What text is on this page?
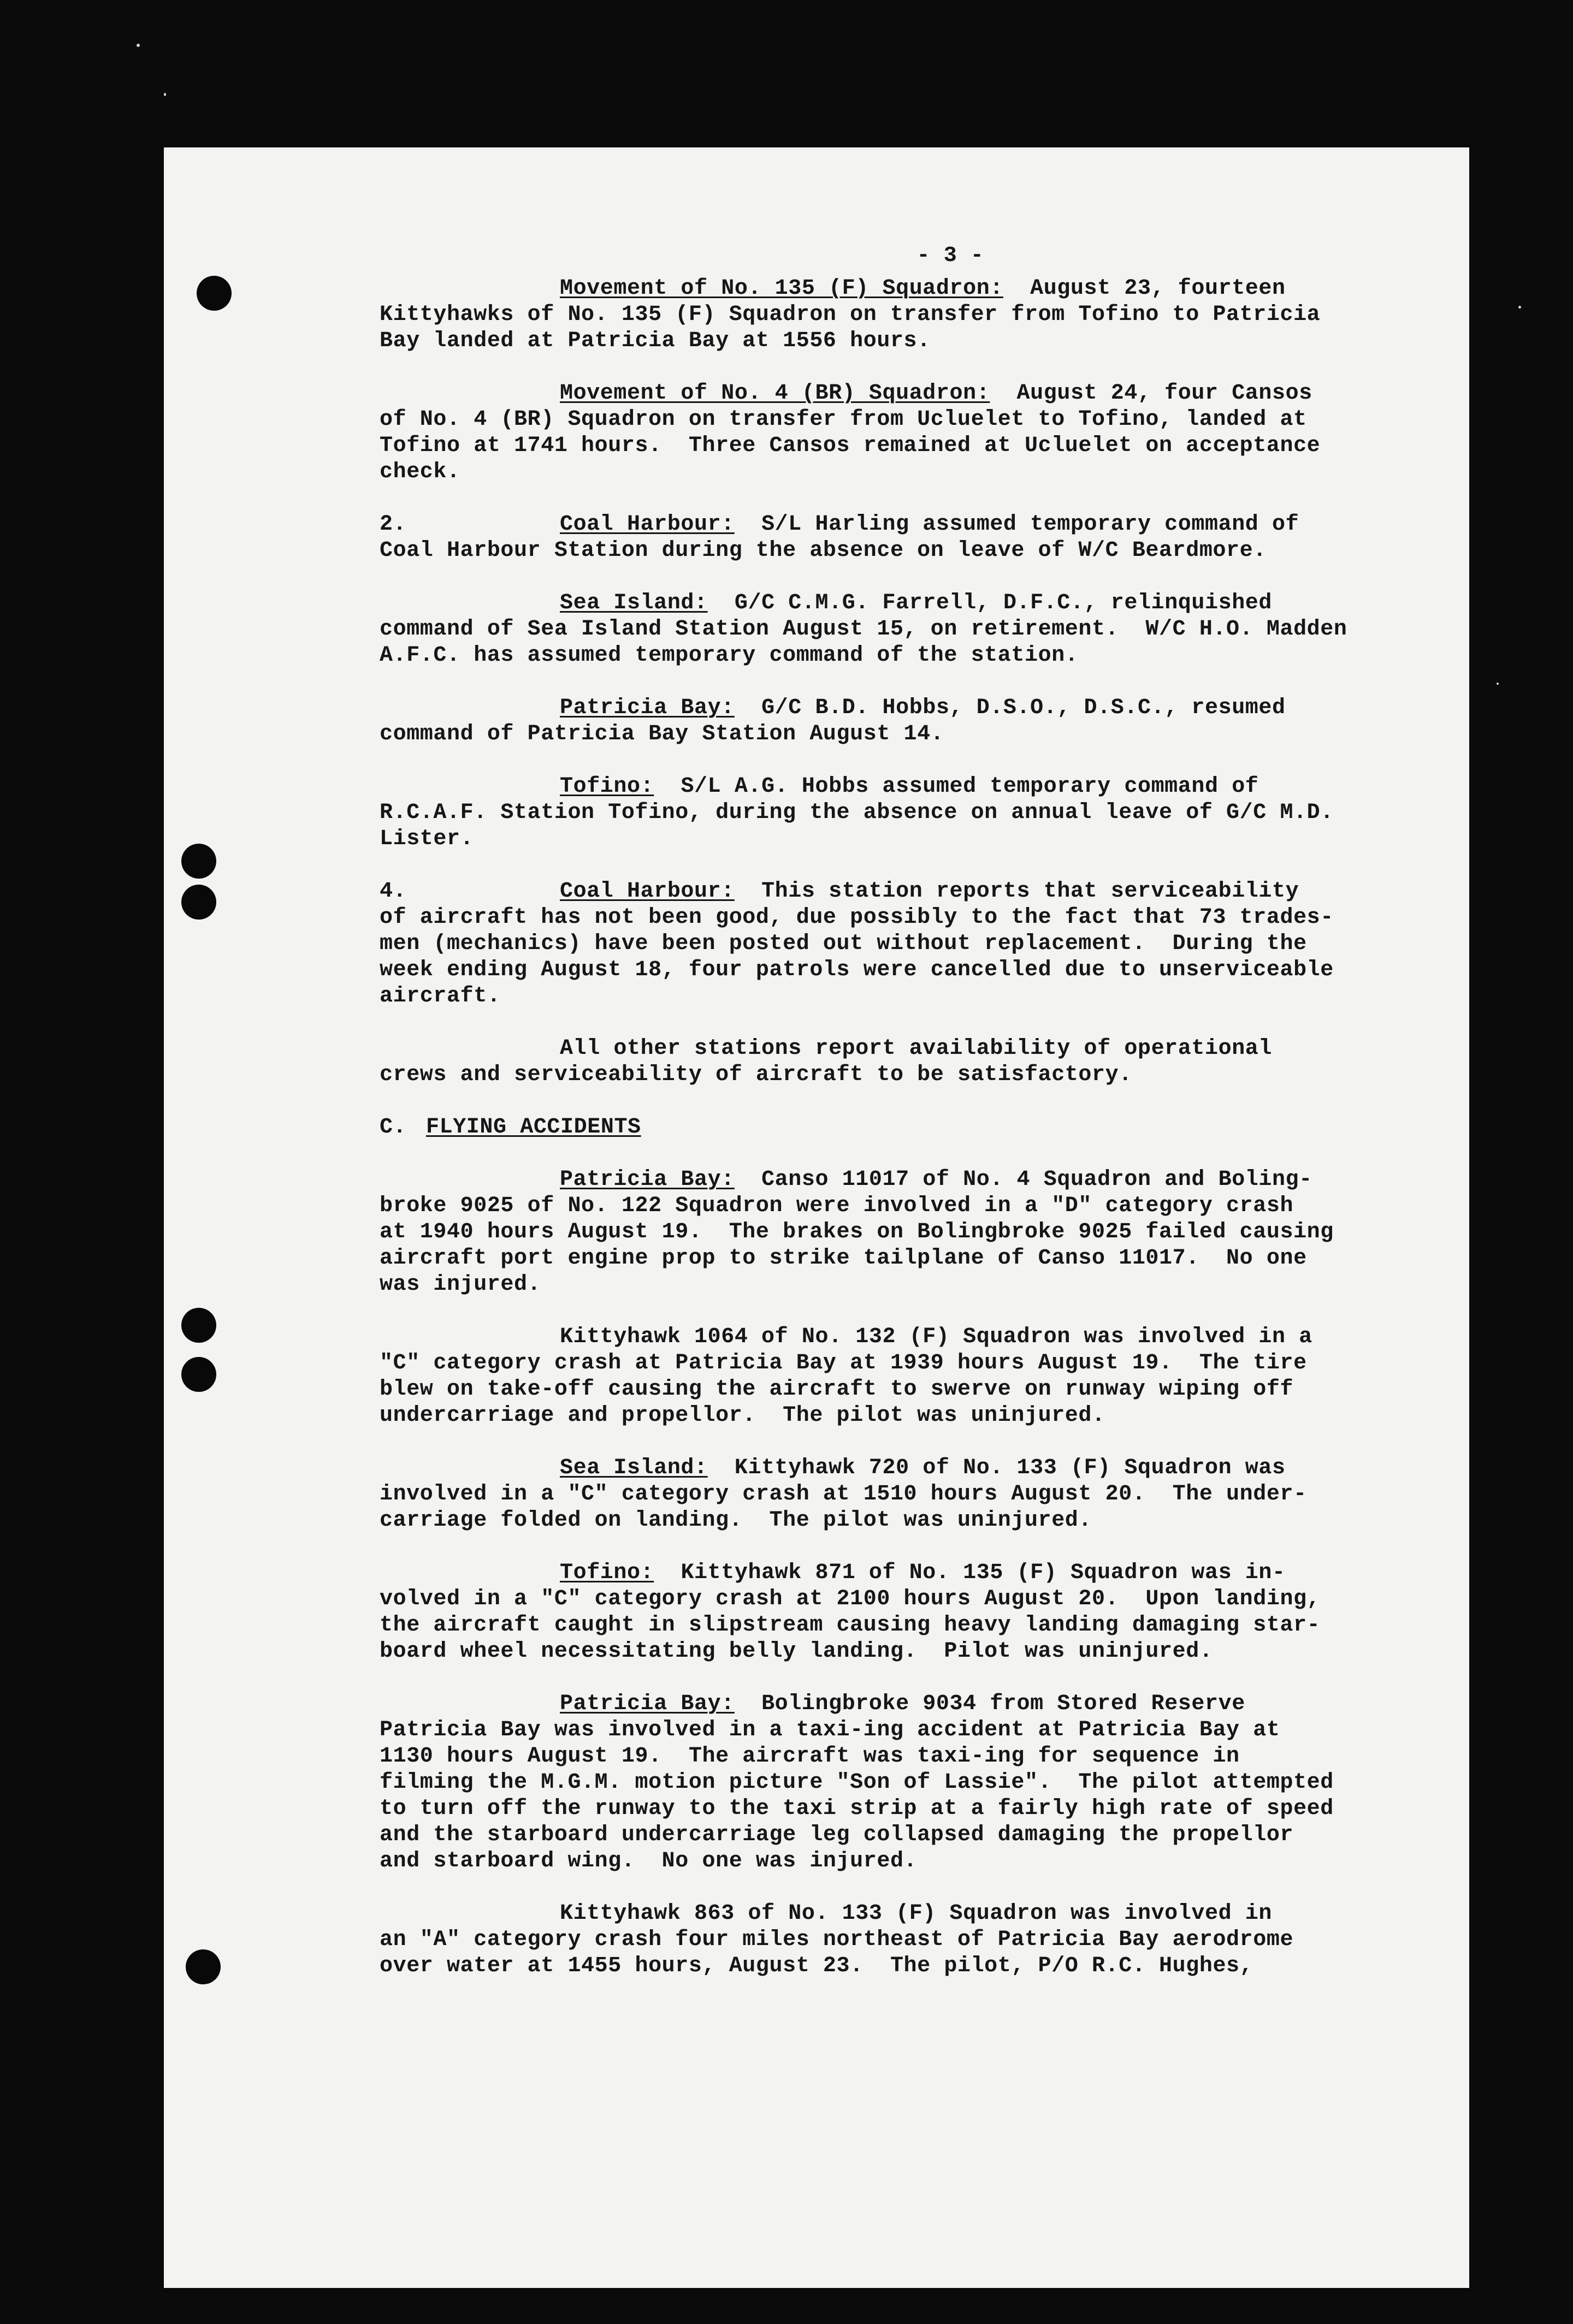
- 3 -
Movement of No. 135 (F) Squadron:  August 23, fourteen
Kittyhawks of No. 135 (F) Squadron on transfer from Tofino to Patricia
Bay landed at Patricia Bay at 1556 hours.
Movement of No. 4 (BR) Squadron:  August 24, four Cansos
of No. 4 (BR) Squadron on transfer from Ucluelet to Tofino, landed at
Tofino at 1741 hours.  Three Cansos remained at Ucluelet on acceptance
check.
2.	Coal Harbour:  S/L Harling assumed temporary command of
Coal Harbour Station during the absence on leave of W/C Beardmore.
Sea Island:  G/C C.M.G. Farrell, D.F.C., relinquished
command of Sea Island Station August 15, on retirement.  W/C H.O. Madden
A.F.C. has assumed temporary command of the station.
Patricia Bay:  G/C B.D. Hobbs, D.S.O., D.S.C., resumed
command of Patricia Bay Station August 14.
Tofino:  S/L A.G. Hobbs assumed temporary command of
R.C.A.F. Station Tofino, during the absence on annual leave of G/C M.D.
Lister.
4.	Coal Harbour:  This station reports that serviceability
of aircraft has not been good, due possibly to the fact that 73 trades-
men (mechanics) have been posted out without replacement.  During the
week ending August 18, four patrols were cancelled due to unserviceable
aircraft.
All other stations report availability of operational
crews and serviceability of aircraft to be satisfactory.
C. FLYING ACCIDENTS
Patricia Bay:  Canso 11017 of No. 4 Squadron and Boling-
broke 9025 of No. 122 Squadron were involved in a "D" category crash
at 1940 hours August 19.  The brakes on Bolingbroke 9025 failed causing
aircraft port engine prop to strike tailplane of Canso 11017.  No one
was injured.
Kittyhawk 1064 of No. 132 (F) Squadron was involved in a
"C" category crash at Patricia Bay at 1939 hours August 19.  The tire
blew on take-off causing the aircraft to swerve on runway wiping off
undercarriage and propellor.  The pilot was uninjured.
Sea Island:  Kittyhawk 720 of No. 133 (F) Squadron was
involved in a "C" category crash at 1510 hours August 20.  The under-
carriage folded on landing.  The pilot was uninjured.
Tofino:  Kittyhawk 871 of No. 135 (F) Squadron was in-
volved in a "C" category crash at 2100 hours August 20.  Upon landing,
the aircraft caught in slipstream causing heavy landing damaging star-
board wheel necessitating belly landing.  Pilot was uninjured.
Patricia Bay:  Bolingbroke 9034 from Stored Reserve
Patricia Bay was involved in a taxi-ing accident at Patricia Bay at
1130 hours August 19.  The aircraft was taxi-ing for sequence in
filming the M.G.M. motion picture "Son of Lassie".  The pilot attempted
to turn off the runway to the taxi strip at a fairly high rate of speed
and the starboard undercarriage leg collapsed damaging the propellor
and starboard wing.  No one was injured.
Kittyhawk 863 of No. 133 (F) Squadron was involved in
an "A" category crash four miles northeast of Patricia Bay aerodrome
over water at 1455 hours, August 23.  The pilot, P/O R.C. Hughes,
